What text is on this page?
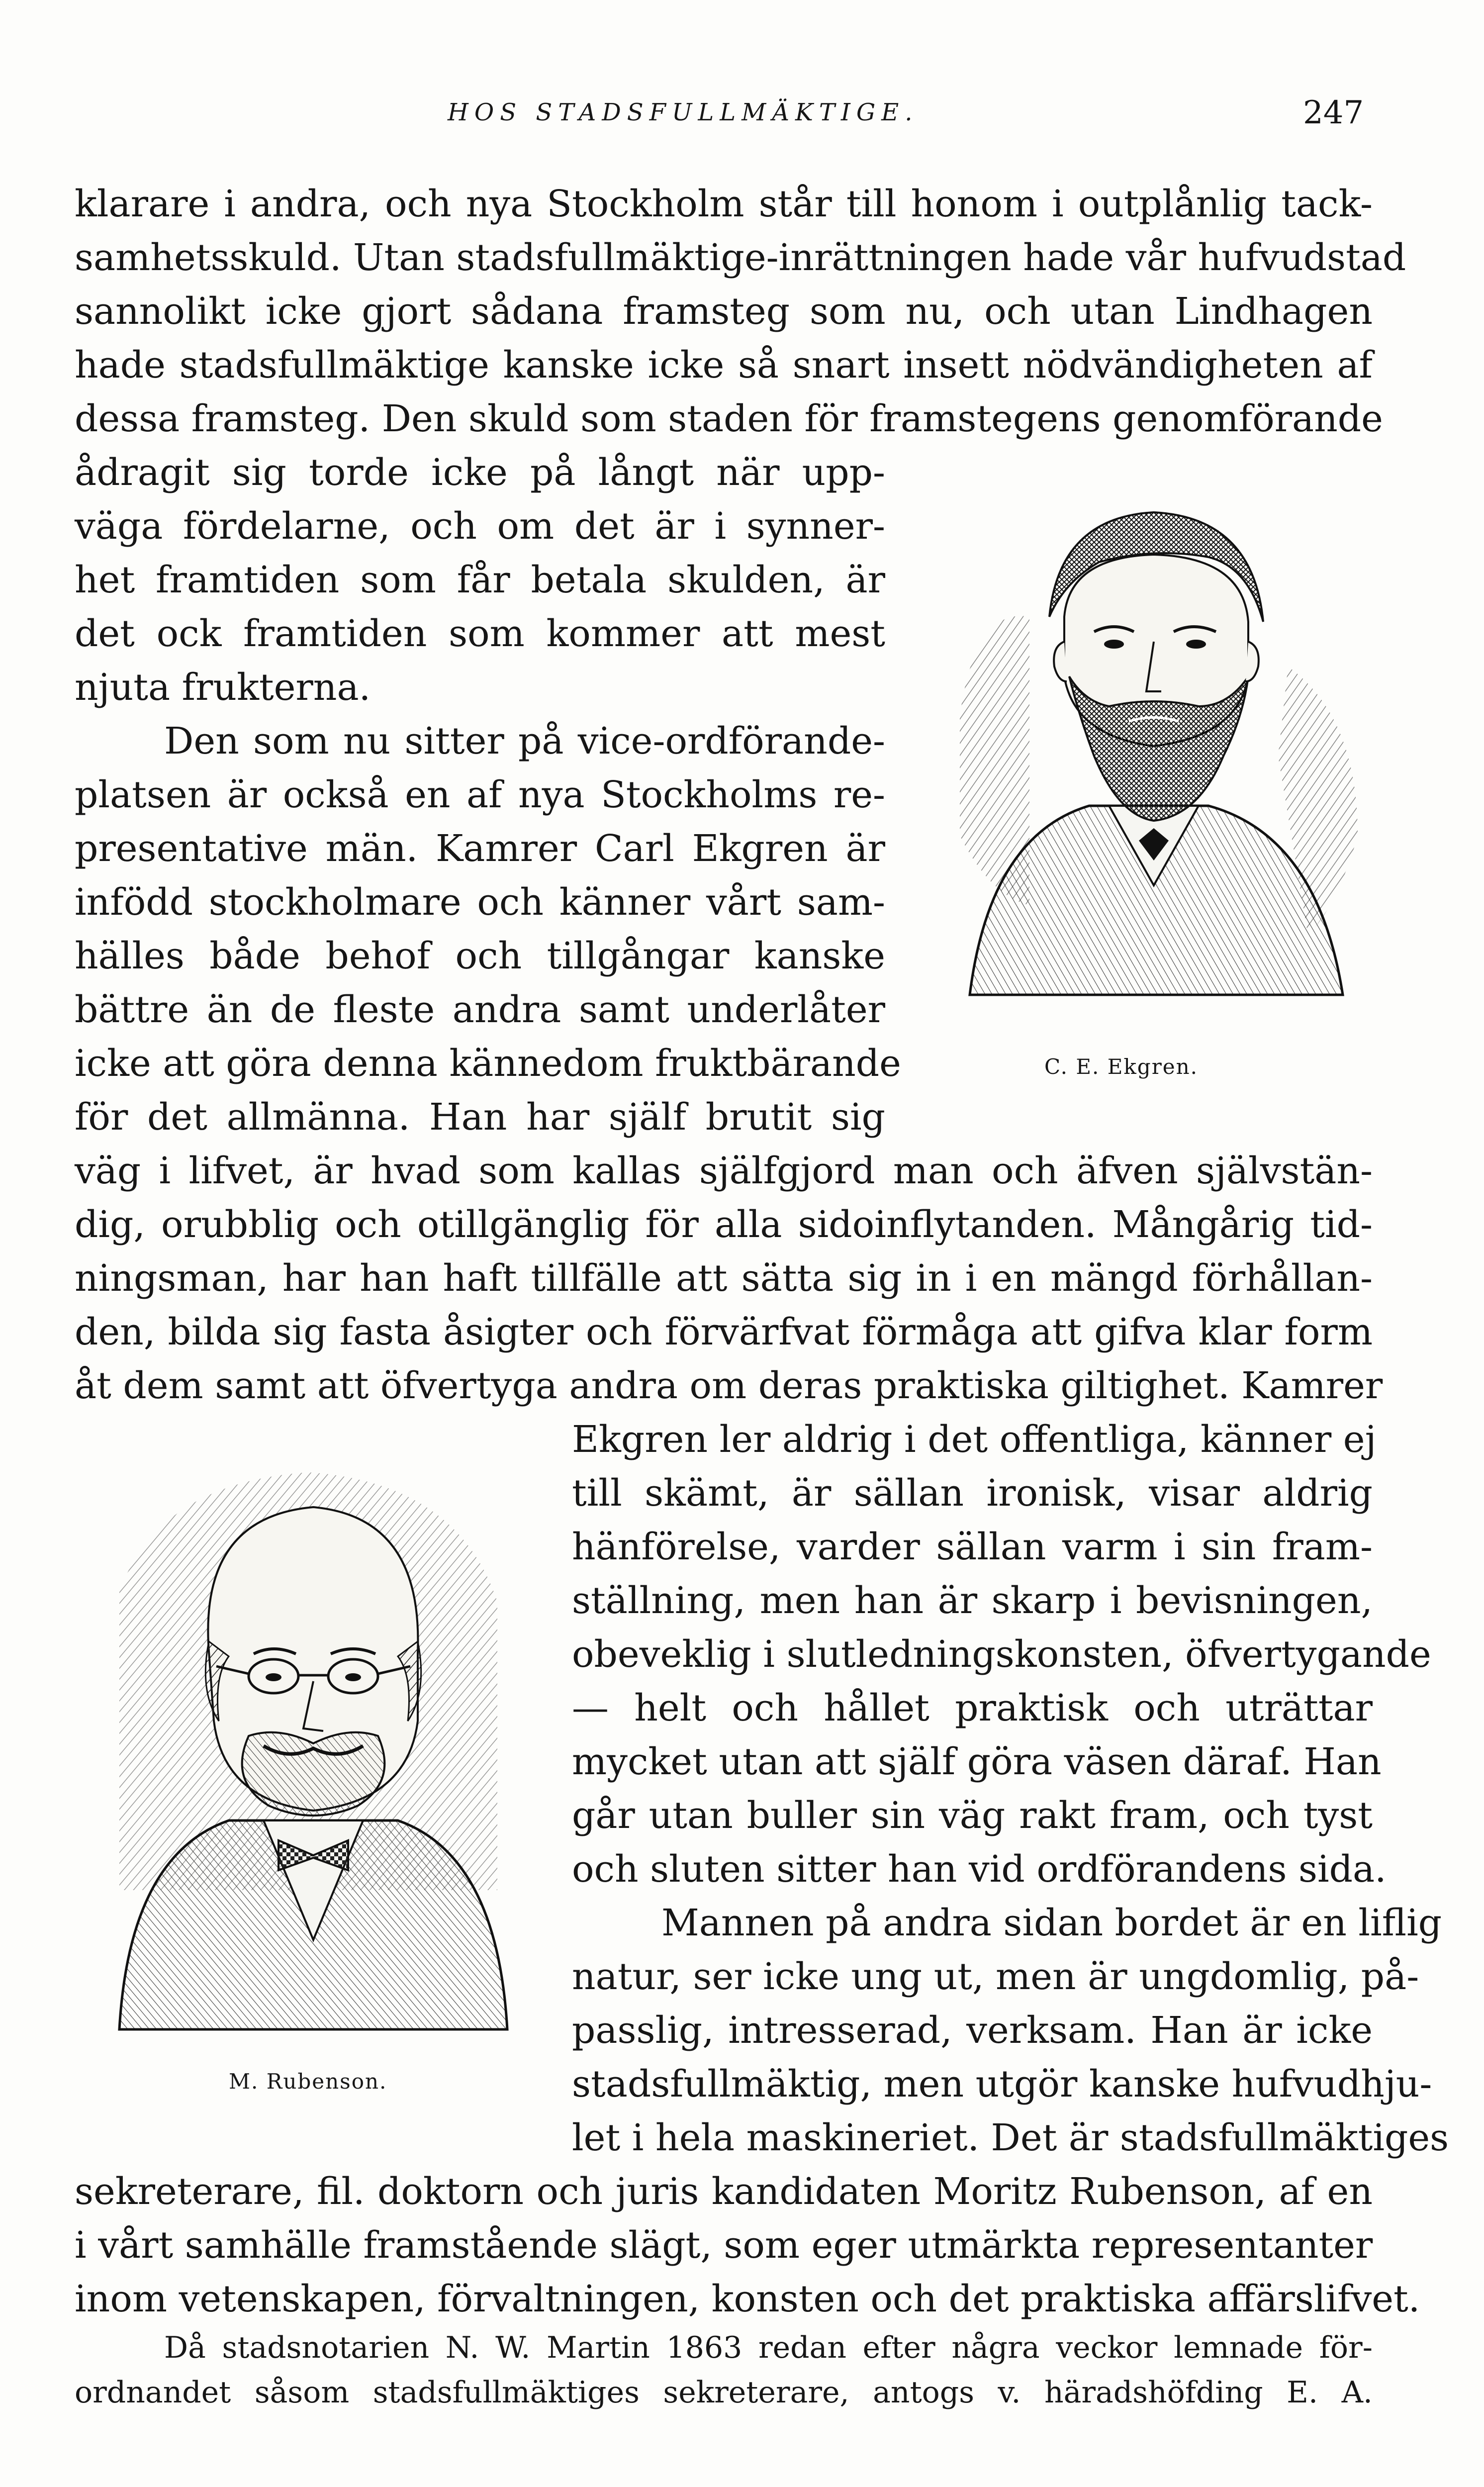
HOS STADSFULLMÄKTIGE.	247
klarare i andra, och nya Stockholm står till honom i outplånlig tack-
samhetsskuld. Utan stadsfullmäktige-inrättningen hade vår hufvudstad
sannolikt icke gjort sådana framsteg som nu, och utan Lindhagen
hade stadsfullmäktige kanske icke så snart insett nödvändigheten af
dessa framsteg. Den skuld som staden för framstegens genomförande
ådragit sig torde icke på långt när upp-
väga fördelarne, och om det är i synner-
het framtiden som får betala skulden, är
det ock framtiden som kommer att mest
njuta frukterna.
Den som nu sitter på vice-ordförande-
platsen är också en af nya Stockholms re-
presentative män. Kamrer Carl Ekgren är
infödd stockholmare och känner vårt sam-
hälles både behof och tillgångar kanske
bättre än de fleste andra samt underlåter
icke att göra denna kännedom fruktbärande
för det allmänna. Han har själf brutit sig
väg i lifvet, är hvad som kallas själfgjord man och äfven självstän-
dig, orubblig och otillgänglig för alla sidoinflytanden. Mångårig tid-
ningsman, har han haft tillfälle att sätta sig in i en mängd förhållan-
den, bilda sig fasta åsigter och förvärfvat förmåga att gifva klar form
åt dem samt att öfvertyga andra om deras praktiska giltighet. Kamrer
Ekgren ler aldrig i det offentliga, känner ej
till skämt, är sällan ironisk, visar aldrig
hänförelse, varder sällan varm i sin fram-
ställning, men han är skarp i bevisningen,
obeveklig i slutledningskonsten, öfvertygande
— helt och hållet praktisk och uträttar
mycket utan att själf göra väsen däraf. Han
går utan buller sin väg rakt fram, och tyst
och sluten sitter han vid ordförandens sida.
Mannen på andra sidan bordet är en liflig
natur, ser icke ung ut, men är ungdomlig, på-
passlig, intresserad, verksam. Han är icke
stadsfullmäktig, men utgör kanske hufvudhju-
let i hela maskineriet. Det är stadsfullmäktiges
sekreterare, fil. doktorn och juris kandidaten Moritz Rubenson, af en
i vårt samhälle framstående slägt, som eger utmärkta representanter
inom vetenskapen, förvaltningen, konsten och det praktiska affärslifvet.
Då stadsnotarien N. W. Martin 1863 redan efter några veckor lemnade för-
ordnandet såsom stadsfullmäktiges sekreterare, antogs v. häradshöfding E. A.
C. E. Ekgren.
M. Rubenson.
